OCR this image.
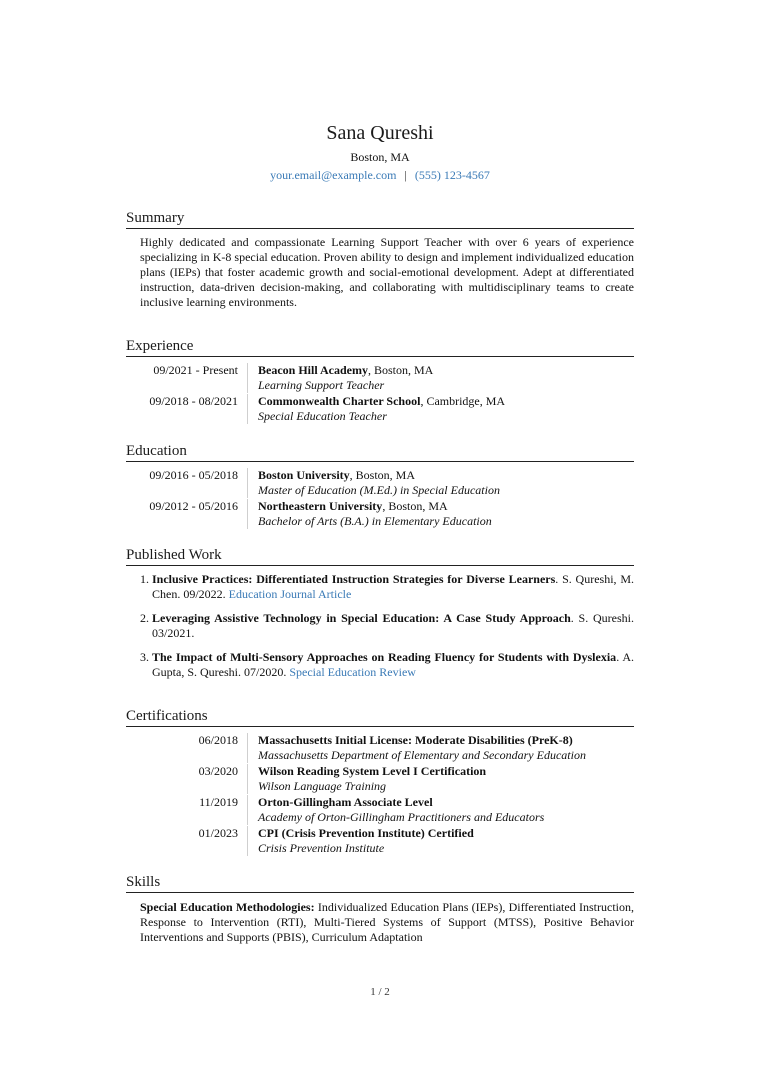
Sana Qureshi
Boston, MA
your.email@example.com | (555) 123-4567
Summary
Highly dedicated and compassionate Learning Support Teacher with over 6 years of experience specializing in K-8 special education. Proven ability to design and implement individualized education plans (IEPs) that foster academic growth and social-emotional development. Adept at differentiated instruction, data-driven decision-making, and collaborating with multidisciplinary teams to create inclusive learning environments.
Experience
09/2021 - Present	Beacon Hill Academy, Boston, MA
Learning Support Teacher
09/2018 - 08/2021	Commonwealth Charter School, Cambridge, MA
Special Education Teacher
Education
09/2016 - 05/2018	Boston University, Boston, MA
Master of Education (M.Ed.) in Special Education
09/2012 - 05/2016	Northeastern University, Boston, MA
Bachelor of Arts (B.A.) in Elementary Education
Published Work
1. Inclusive Practices: Differentiated Instruction Strategies for Diverse Learners. S. Qureshi, M. Chen. 09/2022. Education Journal Article
2. Leveraging Assistive Technology in Special Education: A Case Study Approach. S. Qureshi. 03/2021.
3. The Impact of Multi-Sensory Approaches on Reading Fluency for Students with Dyslexia. A. Gupta, S. Qureshi. 07/2020. Special Education Review
Certifications
06/2018	Massachusetts Initial License: Moderate Disabilities (PreK-8)
Massachusetts Department of Elementary and Secondary Education
03/2020	Wilson Reading System Level I Certification
Wilson Language Training
11/2019	Orton-Gillingham Associate Level
Academy of Orton-Gillingham Practitioners and Educators
01/2023	CPI (Crisis Prevention Institute) Certified
Crisis Prevention Institute
Skills
Special Education Methodologies: Individualized Education Plans (IEPs), Differentiated Instruction, Response to Intervention (RTI), Multi-Tiered Systems of Support (MTSS), Positive Behavior Interventions and Supports (PBIS), Curriculum Adaptation
1 / 2
